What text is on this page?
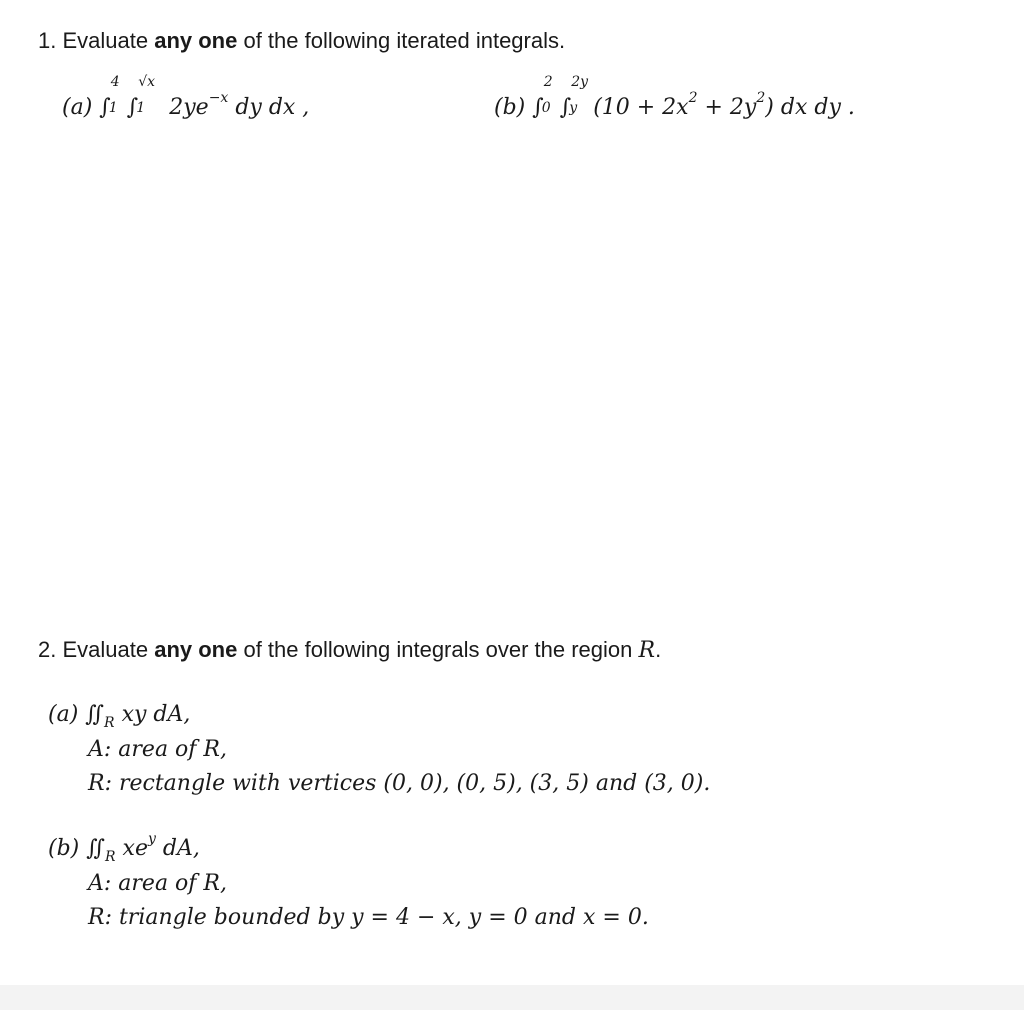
1. Evaluate any one of the following iterated integrals.
(a) ∫
4
1 ∫
√x
1 $2ye^{-x}$ dy dx ,	(b) ∫
2
0 ∫
2y
y $(10 + 2x^2 + 2y^2)$ dx dy .
2. Evaluate any one of the following integrals over the region R.
(a) $∬_R$ xy dA,
A: area of R,
R: rectangle with vertices (0, 0), (0, 5), (3, 5) and (3, 0).
(b) $∬_R$ $xe^y$ dA,
A: area of R,
R: triangle bounded by y = 4 − x, y = 0 and x = 0.
